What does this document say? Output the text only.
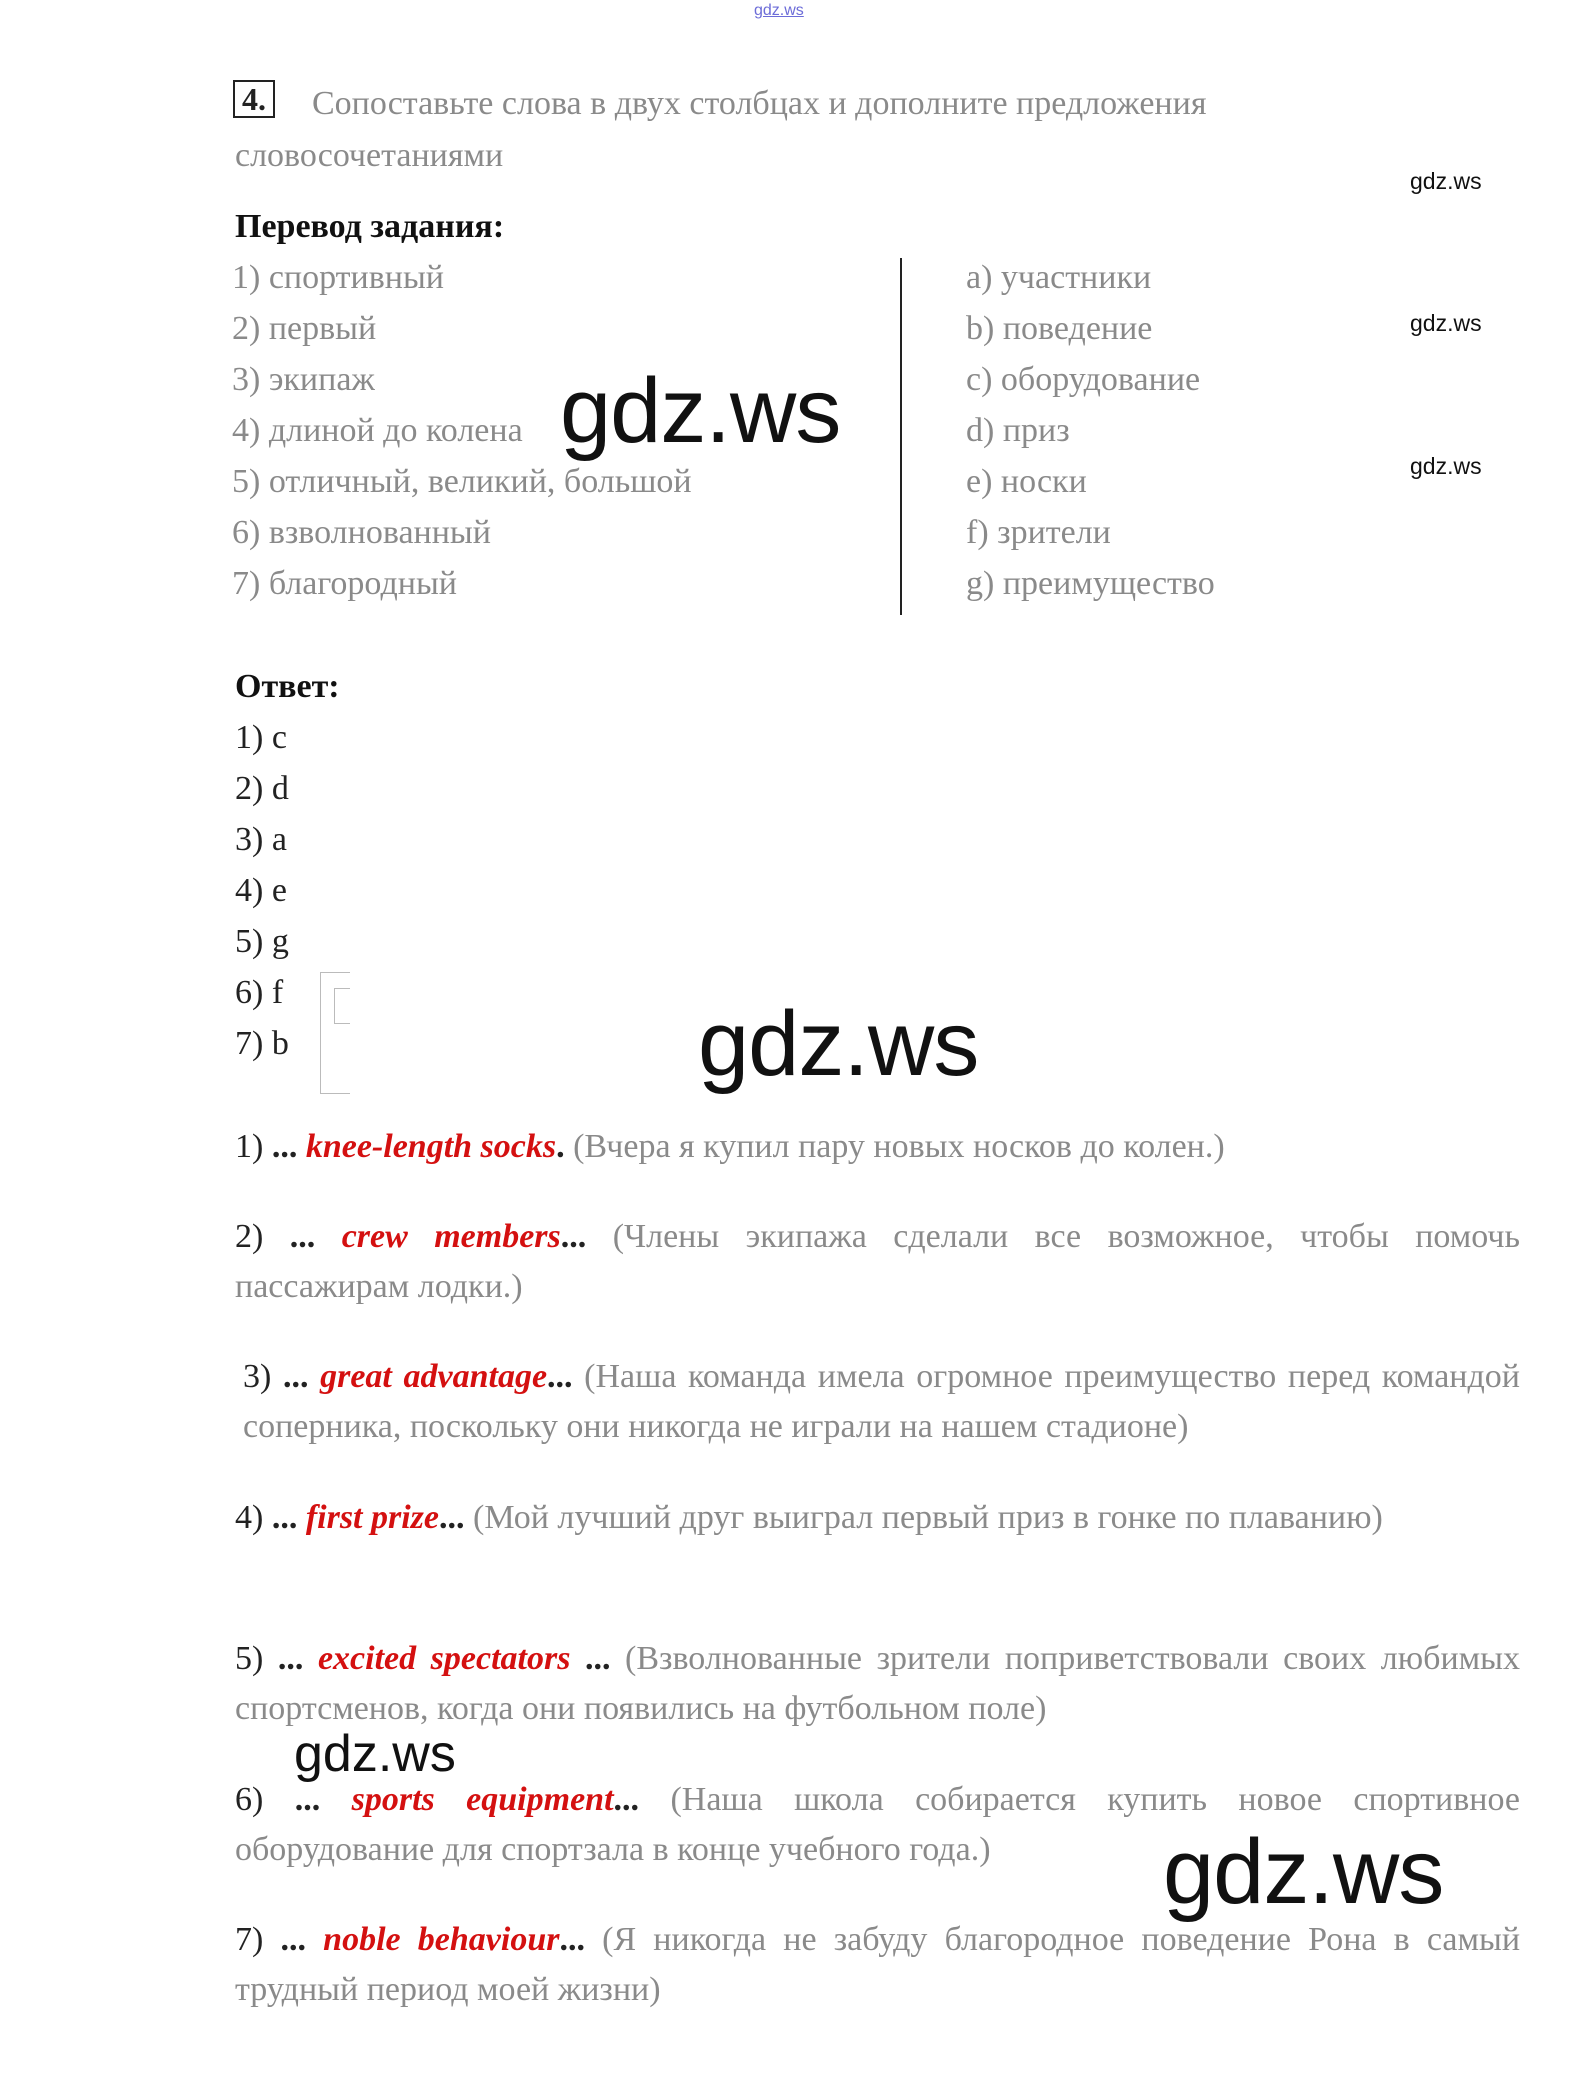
gdz.ws
gdz.ws
gdz.ws
gdz.ws
4. Сопоставьте слова в двух столбцах и дополните предложения
словосочетаниями
Перевод задания:
1) спортивный
2) первый
3) экипаж
4) длиной до колена
5) отличный, великий, большой
6) взволнованный
7) благородный
a) участники
b) поведение
c) оборудование
d) приз
e) носки
f) зрители
g) преимущество
gdz.ws
Ответ:
1) c
2) d
3) a
4) e
5) g
6) f
7) b	gdz.ws
1) ... knee-length socks. (Вчера я купил пару новых носков до колен.)
2) ... crew members... (Члены экипажа сделали все возможное, чтобы помочь пассажирам лодки.)
3) ... great advantage... (Наша команда имела огромное преимущество перед командой соперника, поскольку они никогда не играли на нашем стадионе)
4) ... first prize... (Мой лучший друг выиграл первый приз в гонке по плаванию)
5) ... excited spectators ... (Взволнованные зрители поприветствовали своих любимых спортсменов, когда они появились на футбольном поле)
gdz.ws
6) ... sports equipment... (Наша школа собирается купить новое спортивное оборудование для спортзала в конце учебного года.)	gdz.ws
7) ... noble behaviour... (Я никогда не забуду благородное поведение Рона в самый трудный период моей жизни)
